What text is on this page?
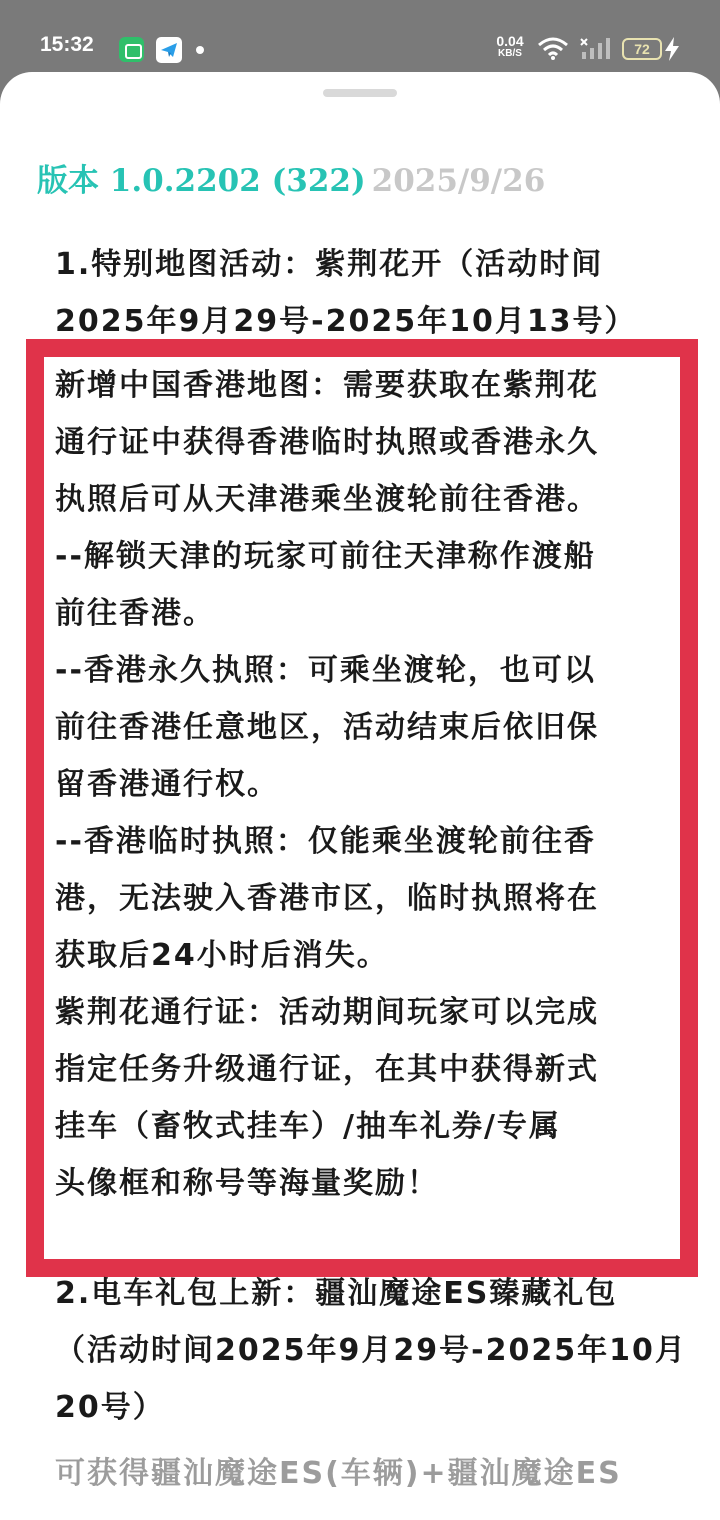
15:32	0.04
KB/S	72
版本 1.0.2202 (322) 2025/9/26
1.特别地图活动：紫荆花开（活动时间
2025年9月29号-2025年10月13号）
新增中国香港地图：需要获取在紫荆花
通行证中获得香港临时执照或香港永久
执照后可从天津港乘坐渡轮前往香港。
--解锁天津的玩家可前往天津称作渡船
前往香港。
--香港永久执照：可乘坐渡轮，也可以
前往香港任意地区，活动结束后依旧保
留香港通行权。
--香港临时执照：仅能乘坐渡轮前往香
港，无法驶入香港市区，临时执照将在
获取后24小时后消失。
紫荆花通行证：活动期间玩家可以完成
指定任务升级通行证，在其中获得新式
挂车（畜牧式挂车）/抽车礼券/专属
头像框和称号等海量奖励！
2.电车礼包上新：疆汕魔途ES臻藏礼包
（活动时间2025年9月29号-2025年10月
20号）
可获得疆汕魔途ES(车辆)+疆汕魔途ES
